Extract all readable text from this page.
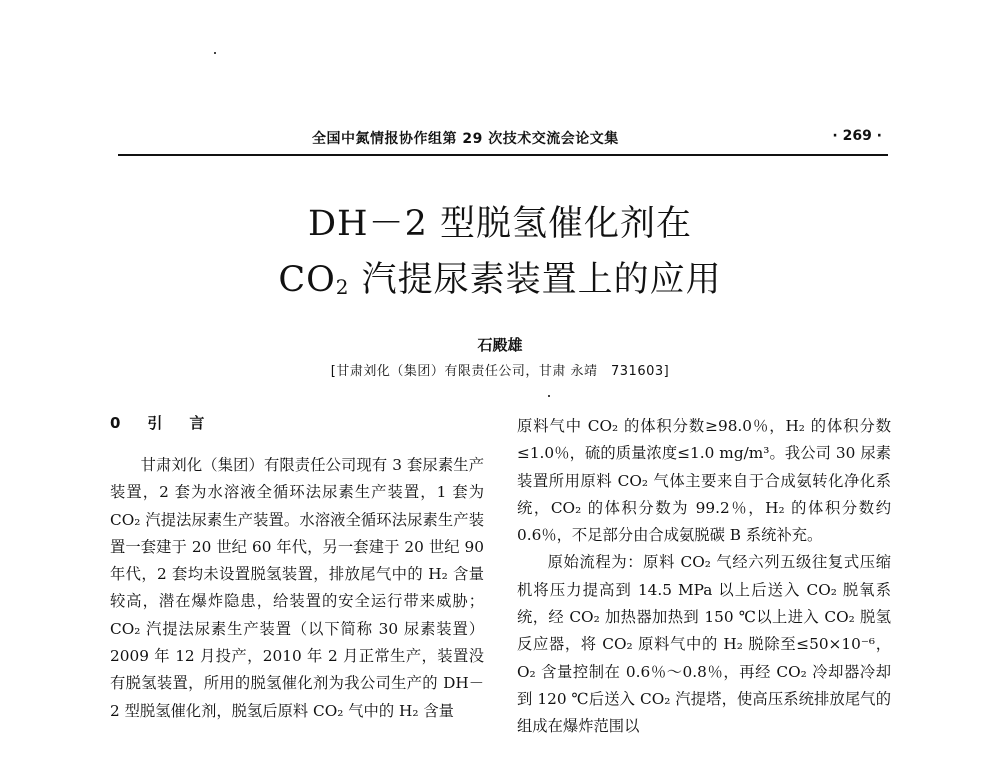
全国中氮情报协作组第 29 次技术交流会论文集	· 269 ·
DH－2 型脱氢催化剂在
$CO_2$ 汽提尿素装置上的应用
石殿雄
[甘肃刘化（集团）有限责任公司，甘肃 永靖　731603]
0　引　言

甘肃刘化（集团）有限责任公司现有 3 套尿素生产装置，2 套为水溶液全循环法尿素生产装置，1 套为 CO₂ 汽提法尿素生产装置。水溶液全循环法尿素生产装置一套建于 20 世纪 60 年代，另一套建于 20 世纪 90 年代，2 套均未设置脱氢装置，排放尾气中的 H₂ 含量较高，潜在爆炸隐患，给装置的安全运行带来威胁；CO₂ 汽提法尿素生产装置（以下简称 30 尿素装置）2009 年 12 月投产，2010 年 2 月正常生产，装置没有脱氢装置，所用的脱氢催化剂为我公司生产的 DH－2 型脱氢催化剂，脱氢后原料 CO₂ 气中的 H₂ 含量

原料气中 CO₂ 的体积分数≥98.0％，H₂ 的体积分数≤1.0％，硫的质量浓度≤1.0 mg/m³。我公司 30 尿素装置所用原料 CO₂ 气体主要来自于合成氨转化净化系统，CO₂ 的体积分数为 99.2％，H₂ 的体积分数约 0.6％，不足部分由合成氨脱碳 B 系统补充。

原始流程为：原料 CO₂ 气经六列五级往复式压缩机将压力提高到 14.5 MPa 以上后送入 CO₂ 脱氧系统，经 CO₂ 加热器加热到 150 ℃以上进入 CO₂ 脱氢反应器，将 CO₂ 原料气中的 H₂ 脱除至≤50×10⁻⁶，O₂ 含量控制在 0.6％～0.8％，再经 CO₂ 冷却器冷却到 120 ℃后送入 CO₂ 汽提塔，使高压系统排放尾气的组成在爆炸范围以
